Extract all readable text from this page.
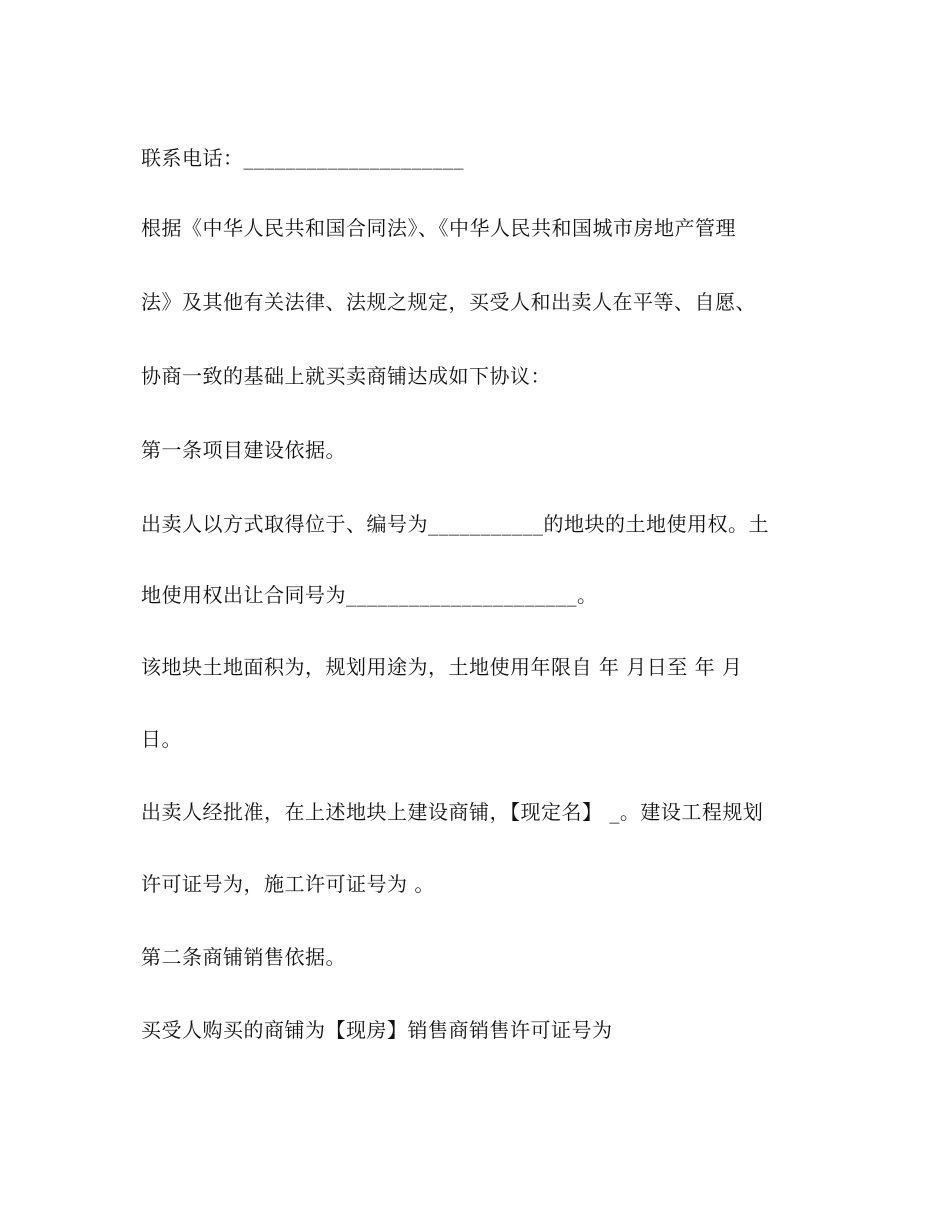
联系电话：_____________________
根据《中华人民共和国合同法》、《中华人民共和国城市房地产管理
法》及其他有关法律、法规之规定，买受人和出卖人在平等、自愿、
协商一致的基础上就买卖商铺达成如下协议：
第一条项目建设依据。
出卖人以方式取得位于、编号为___________的地块的土地使用权。土
地使用权出让合同号为______________________。
该地块土地面积为，规划用途为，土地使用年限自 年 月日至 年 月
日。
出卖人经批准，在上述地块上建设商铺，【现定名】 _。建设工程规划
许可证号为，施工许可证号为 。
第二条商铺销售依据。
买受人购买的商铺为【现房】销售商销售许可证号为
